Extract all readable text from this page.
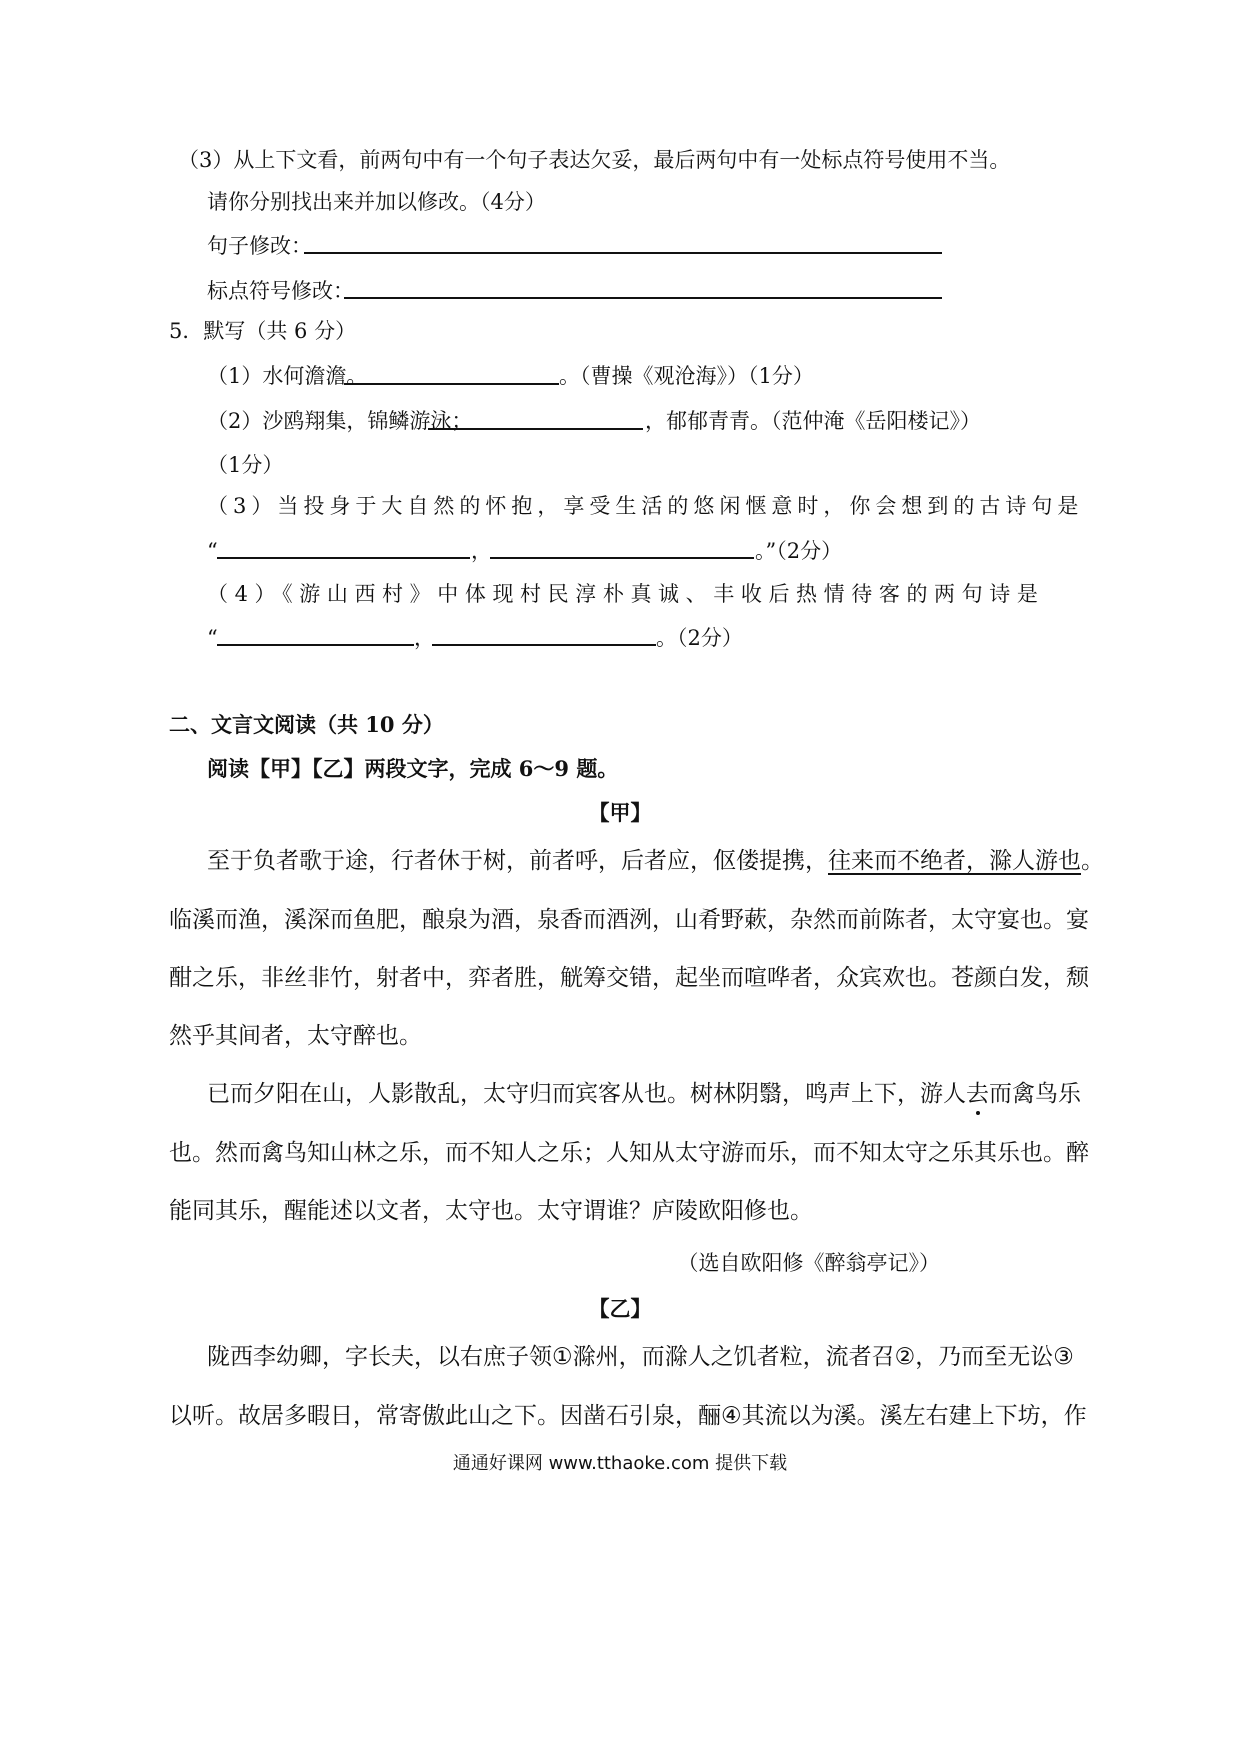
（3）从上下文看，前两句中有一个句子表达欠妥，最后两句中有一处标点符号使用不当。
请你分别找出来并加以修改。（4分）
句子修改：
标点符号修改：
5．默写（共 6 分）
（1）水何澹澹。	。（曹操《观沧海》）（1分）
（2）沙鸥翔集，锦鳞游泳；	，郁郁青青。（范仲淹《岳阳楼记》）
（1分）
（3）当投身于大自然的怀抱，享受生活的悠闲惬意时，你会想到的古诗句是
“	，	。”（2分）
（4）《游山西村》中体现村民淳朴真诚、丰收后热情待客的两句诗是
“	，	。（2分）
二、文言文阅读（共 10 分）
阅读【甲】【乙】两段文字，完成 6～9 题。
【甲】
至于负者歌于途，行者休于树，前者呼，后者应，伛偻提携，往来而不绝者，滁人游也。
临溪而渔，溪深而鱼肥，酿泉为酒，泉香而酒洌，山肴野蔌，杂然而前陈者，太守宴也。宴
酣之乐，非丝非竹，射者中，弈者胜，觥筹交错，起坐而喧哗者，众宾欢也。苍颜白发，颓
然乎其间者，太守醉也。
已而夕阳在山，人影散乱，太守归而宾客从也。树林阴翳，鸣声上下，游人去而禽鸟乐
也。然而禽鸟知山林之乐，而不知人之乐；人知从太守游而乐，而不知太守之乐其乐也。醉
能同其乐，醒能述以文者，太守也。太守谓谁？庐陵欧阳修也。
（选自欧阳修《醉翁亭记》）
【乙】
陇西李幼卿，字长夫，以右庶子领①滁州，而滁人之饥者粒，流者召②，乃而至无讼③
以听。故居多暇日，常寄傲此山之下。因凿石引泉，酾④其流以为溪。溪左右建上下坊，作
通通好课网 www.tthaoke.com 提供下载
